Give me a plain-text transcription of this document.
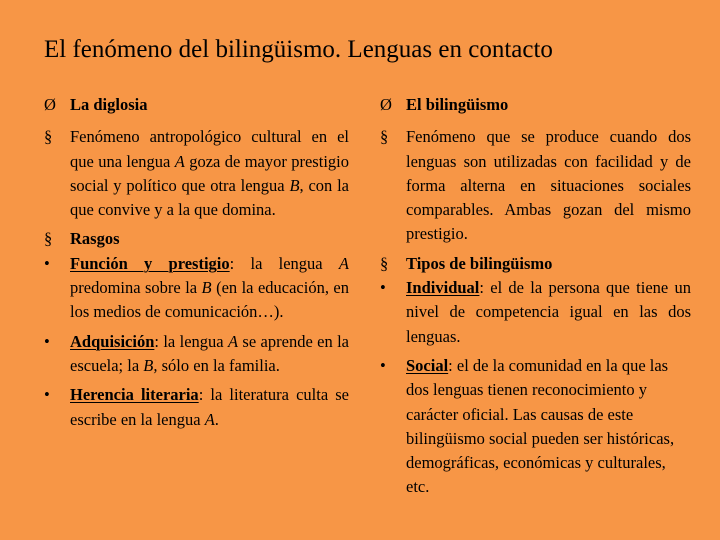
El fenómeno del bilingüismo. Lenguas en contacto
Ø La diglosia
§	Fenómeno antropológico cultural en el que una lengua A goza de mayor prestigio social y político que otra lengua B, con la que convive y a la que domina.
§	Rasgos
•	Función y prestigio: la lengua A predomina sobre la B (en la educación, en los medios de comunicación…).
•	Adquisición: la lengua A se aprende en la escuela; la B, sólo en la familia.
•	Herencia literaria: la literatura culta se escribe en la lengua A.
Ø El bilingüismo
§	Fenómeno que se produce cuando dos lenguas son utilizadas con facilidad y de forma alterna en situaciones sociales comparables. Ambas gozan del mismo prestigio.
§	Tipos de bilingüismo
•	Individual: el de la persona que tiene un nivel de competencia igual en las dos lenguas.
•	Social: el de la comunidad en la que las dos lenguas tienen reconocimiento y carácter oficial. Las causas de este bilingüismo social pueden ser históricas, demográficas, económicas y culturales, etc.
